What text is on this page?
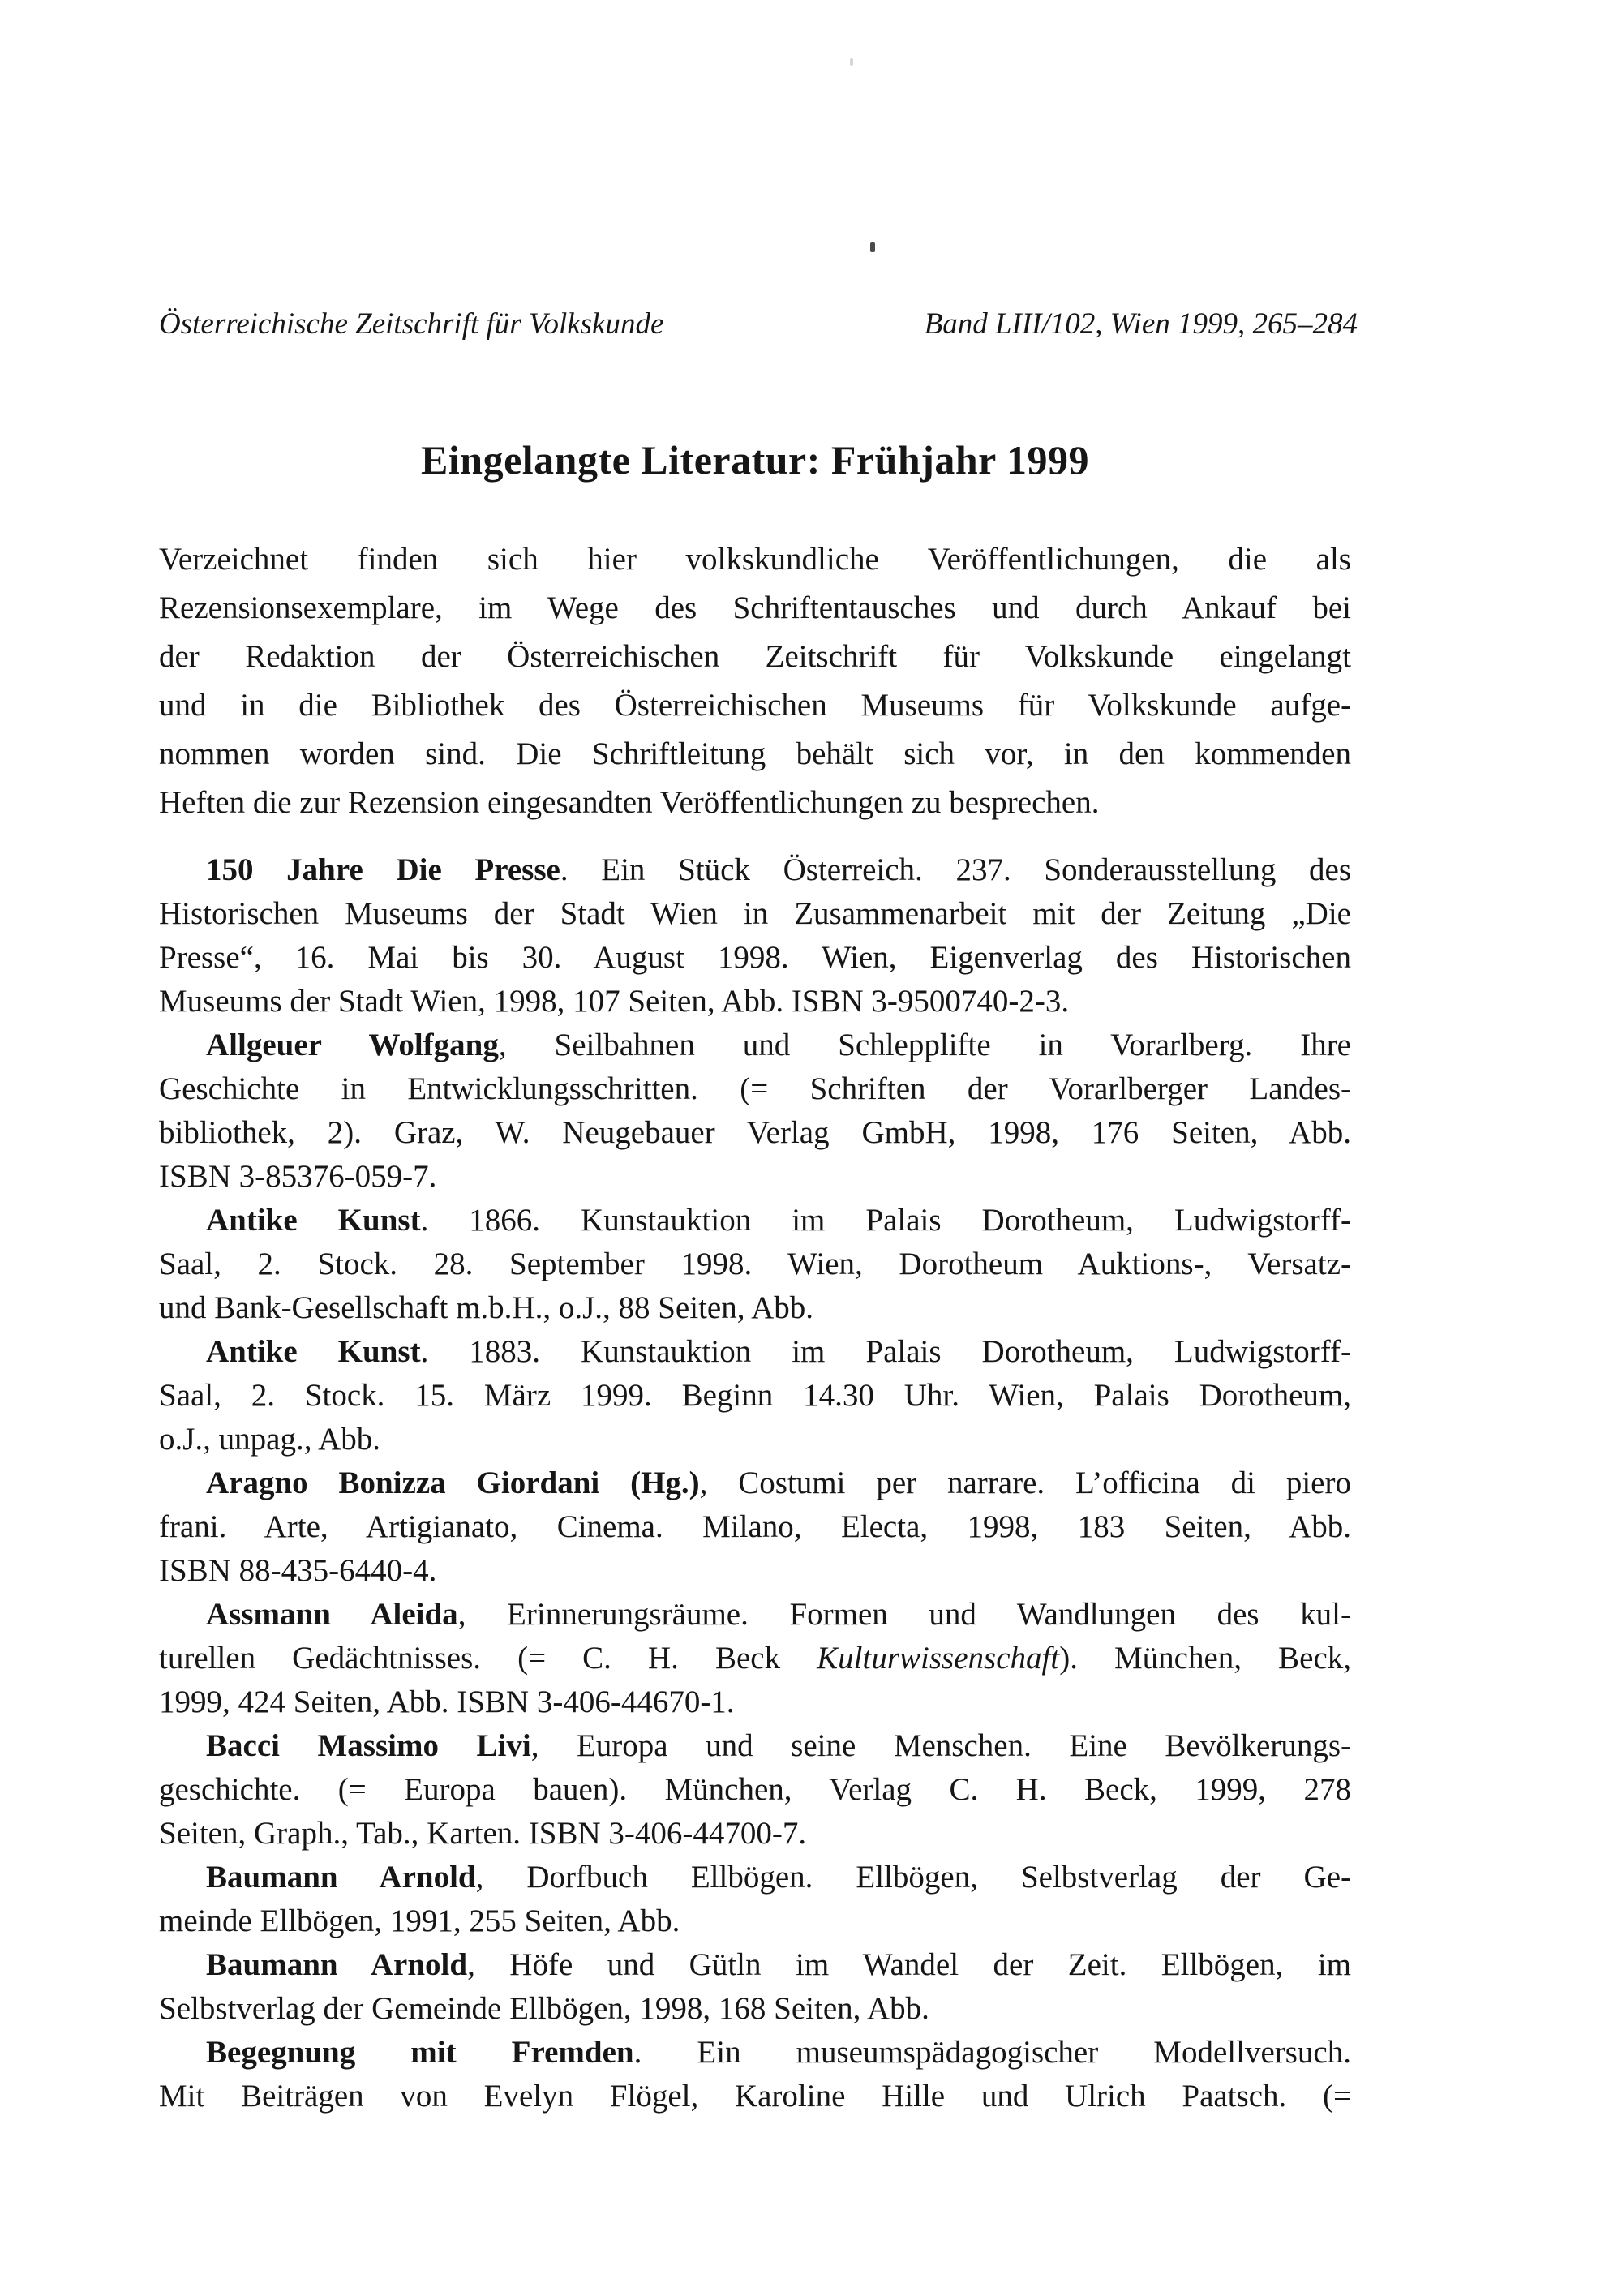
Österreichische Zeitschrift für Volkskunde	Band LIII/102, Wien 1999, 265–284
Eingelangte Literatur: Frühjahr 1999
Verzeichnet finden sich hier volkskundliche Veröffentlichungen, die als
Rezensionsexemplare, im Wege des Schriftentausches und durch Ankauf bei
der Redaktion der Österreichischen Zeitschrift für Volkskunde eingelangt
und in die Bibliothek des Österreichischen Museums für Volkskunde aufge-
nommen worden sind. Die Schriftleitung behält sich vor, in den kommenden
Heften die zur Rezension eingesandten Veröffentlichungen zu besprechen.
150 Jahre Die Presse. Ein Stück Österreich. 237. Sonderausstellung des
Historischen Museums der Stadt Wien in Zusammenarbeit mit der Zeitung „Die
Presse“, 16. Mai bis 30. August 1998. Wien, Eigenverlag des Historischen
Museums der Stadt Wien, 1998, 107 Seiten, Abb. ISBN 3-9500740-2-3.
Allgeuer Wolfgang, Seilbahnen und Schlepplifte in Vorarlberg. Ihre
Geschichte in Entwicklungsschritten. (= Schriften der Vorarlberger Landes-
bibliothek, 2). Graz, W. Neugebauer Verlag GmbH, 1998, 176 Seiten, Abb.
ISBN 3-85376-059-7.
Antike Kunst. 1866. Kunstauktion im Palais Dorotheum, Ludwigstorff-
Saal, 2. Stock. 28. September 1998. Wien, Dorotheum Auktions-, Versatz-
und Bank-Gesellschaft m.b.H., o.J., 88 Seiten, Abb.
Antike Kunst. 1883. Kunstauktion im Palais Dorotheum, Ludwigstorff-
Saal, 2. Stock. 15. März 1999. Beginn 14.30 Uhr. Wien, Palais Dorotheum,
o.J., unpag., Abb.
Aragno Bonizza Giordani (Hg.), Costumi per narrare. L’officina di piero
frani. Arte, Artigianato, Cinema. Milano, Electa, 1998, 183 Seiten, Abb.
ISBN 88-435-6440-4.
Assmann Aleida, Erinnerungsräume. Formen und Wandlungen des kul-
turellen Gedächtnisses. (= C. H. Beck Kulturwissenschaft). München, Beck,
1999, 424 Seiten, Abb. ISBN 3-406-44670-1.
Bacci Massimo Livi, Europa und seine Menschen. Eine Bevölkerungs-
geschichte. (= Europa bauen). München, Verlag C. H. Beck, 1999, 278
Seiten, Graph., Tab., Karten. ISBN 3-406-44700-7.
Baumann Arnold, Dorfbuch Ellbögen. Ellbögen, Selbstverlag der Ge-
meinde Ellbögen, 1991, 255 Seiten, Abb.
Baumann Arnold, Höfe und Gütln im Wandel der Zeit. Ellbögen, im
Selbstverlag der Gemeinde Ellbögen, 1998, 168 Seiten, Abb.
Begegnung mit Fremden. Ein museumspädagogischer Modellversuch.
Mit Beiträgen von Evelyn Flögel, Karoline Hille und Ulrich Paatsch. (=
